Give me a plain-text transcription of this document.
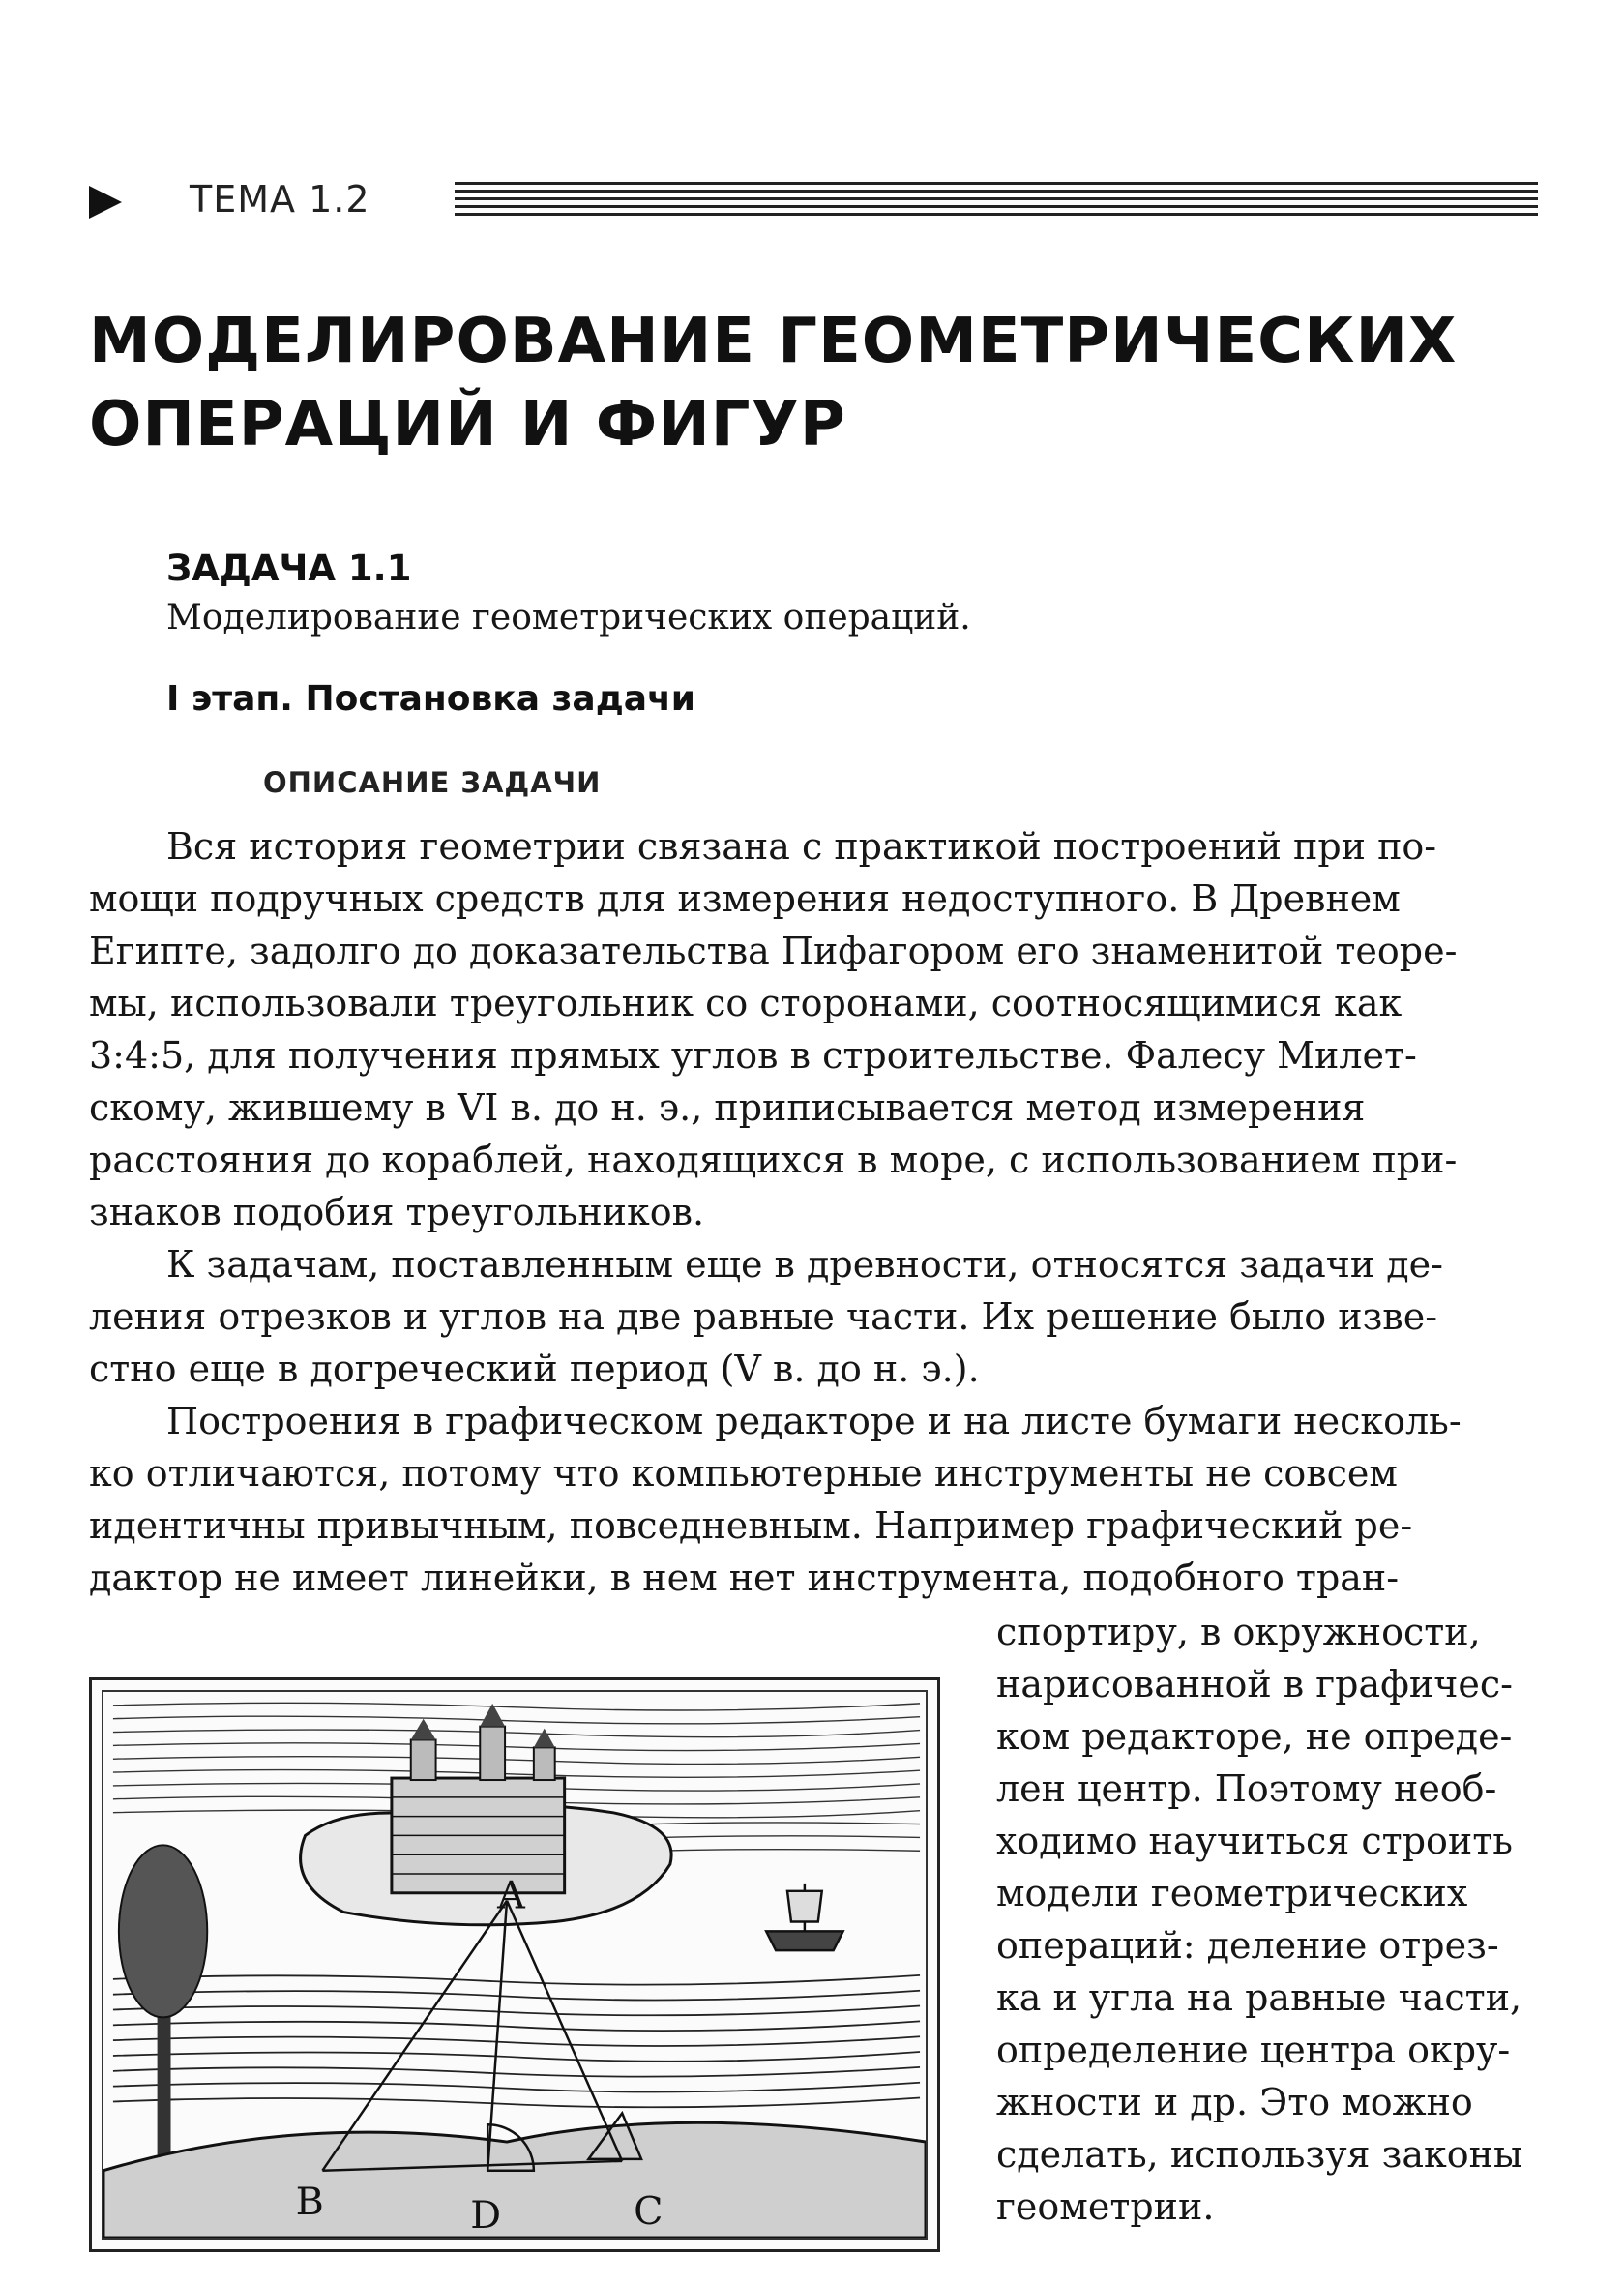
ТЕМА 1.2
МОДЕЛИРОВАНИЕ ГЕОМЕТРИЧЕСКИХ
ОПЕРАЦИЙ И ФИГУР
ЗАДАЧА 1.1
Моделирование геометрических операций.
I этап. Постановка задачи
ОПИСАНИЕ ЗАДАЧИ
Вся история геометрии связана с практикой построений при по-
мощи подручных средств для измерения недоступного. В Древнем
Египте, задолго до доказательства Пифагором его знаменитой теоре-
мы, использовали треугольник со сторонами, соотносящимися как
3:4:5, для получения прямых углов в строительстве. Фалесу Милет-
скому, жившему в VI в. до н. э., приписывается метод измерения
расстояния до кораблей, находящихся в море, с использованием при-
знаков подобия треугольников.
К задачам, поставленным еще в древности, относятся задачи де-
ления отрезков и углов на две равные части. Их решение было изве-
стно еще в догреческий период (V в. до н. э.).
Построения в графическом редакторе и на листе бумаги несколь-
ко отличаются, потому что компьютерные инструменты не совсем
идентичны привычным, повседневным. Например графический ре-
дактор не имеет линейки, в нем нет инструмента, подобного тран-
спортиру, в окружности,
нарисованной в графичес-
ком редакторе, не опреде-
лен центр. Поэтому необ-
ходимо научиться строить
модели геометрических
операций: деление отрез-
ка и угла на равные части,
определение центра окру-
жности и др. Это можно
сделать, используя законы
геометрии.
A
B	D	C
